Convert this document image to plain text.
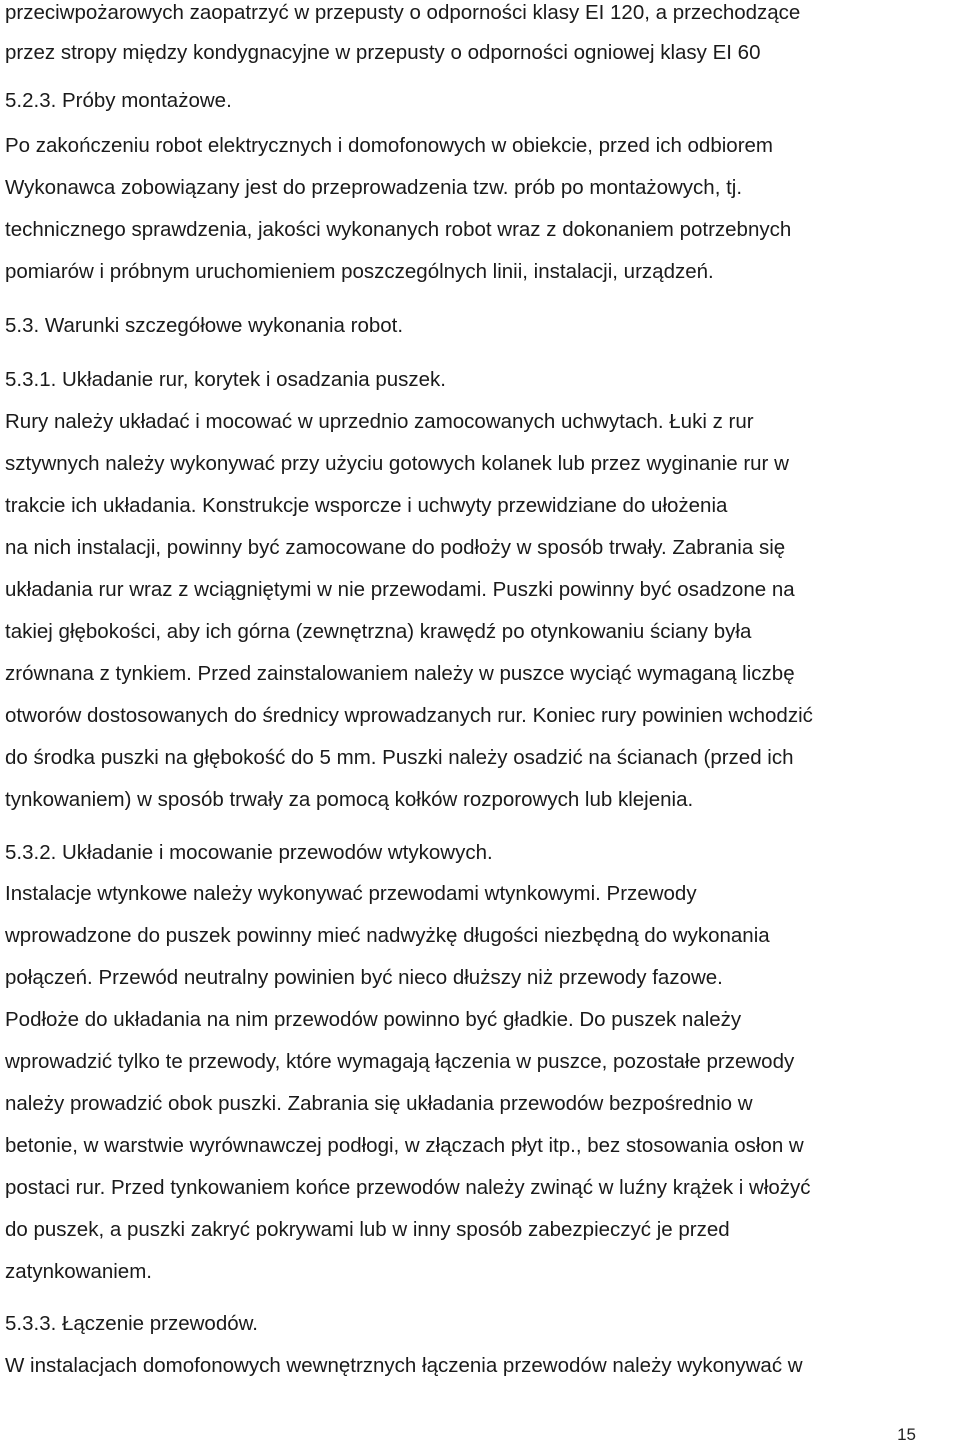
przeciwpożarowych zaopatrzyć w przepusty o odporności klasy EI 120, a przechodzące
przez stropy między kondygnacyjne w przepusty o odporności ogniowej klasy EI 60
5.2.3. Próby montażowe.
Po zakończeniu robot elektrycznych i domofonowych w obiekcie, przed ich odbiorem
Wykonawca zobowiązany jest do przeprowadzenia tzw. prób po montażowych, tj.
technicznego sprawdzenia, jakości wykonanych robot wraz z dokonaniem potrzebnych
pomiarów i próbnym uruchomieniem poszczególnych linii, instalacji, urządzeń.
5.3. Warunki szczegółowe wykonania robot.
5.3.1. Układanie rur, korytek i osadzania puszek.
Rury należy układać i mocować w uprzednio zamocowanych uchwytach. Łuki z rur
sztywnych należy wykonywać przy użyciu gotowych kolanek lub przez wyginanie rur w
trakcie ich układania. Konstrukcje wsporcze i uchwyty przewidziane do ułożenia
na nich instalacji, powinny być zamocowane do podłoży w sposób trwały. Zabrania się
układania rur wraz z wciągniętymi w nie przewodami. Puszki powinny być osadzone na
takiej głębokości, aby ich górna (zewnętrzna) krawędź po otynkowaniu ściany była
zrównana z tynkiem. Przed zainstalowaniem należy w puszce wyciąć wymaganą liczbę
otworów dostosowanych do średnicy wprowadzanych rur. Koniec rury powinien wchodzić
do środka puszki na głębokość do 5 mm. Puszki należy osadzić na ścianach (przed ich
tynkowaniem) w sposób trwały za pomocą kołków rozporowych lub klejenia.
5.3.2. Układanie i mocowanie przewodów wtykowych.
Instalacje wtynkowe należy wykonywać przewodami wtynkowymi. Przewody
wprowadzone do puszek powinny mieć nadwyżkę długości niezbędną do wykonania
połączeń. Przewód neutralny powinien być nieco dłuższy niż przewody fazowe.
Podłoże do układania na nim przewodów powinno być gładkie. Do puszek należy
wprowadzić tylko te przewody, które wymagają łączenia w puszce, pozostałe przewody
należy prowadzić obok puszki. Zabrania się układania przewodów bezpośrednio w
betonie, w warstwie wyrównawczej podłogi, w złączach płyt itp., bez stosowania osłon w
postaci rur. Przed tynkowaniem końce przewodów należy zwinąć w luźny krążek i włożyć
do puszek, a puszki zakryć pokrywami lub w inny sposób zabezpieczyć je przed
zatynkowaniem.
5.3.3. Łączenie przewodów.
W instalacjach domofonowych wewnętrznych łączenia przewodów należy wykonywać w
15
